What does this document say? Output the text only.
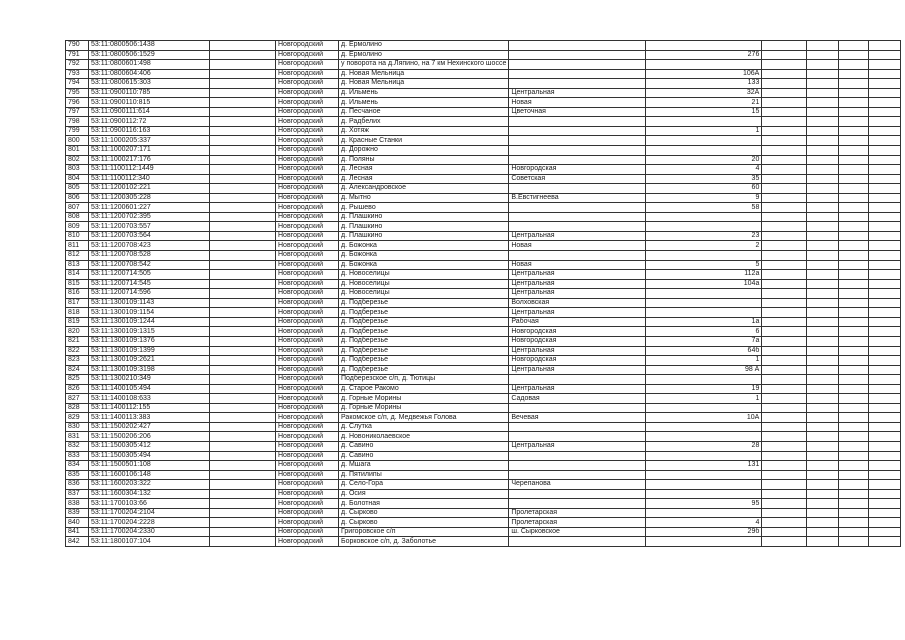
790	53:11:0800506:1438		Новгородский	д. Ермолино						
791	53:11:0800506:1529		Новгородский	д. Ермолино		276				
792	53:11:0800601:498		Новгородский	у поворота на д.Ляпино, на 7 км Нехинского шоссе						
793	53:11:0800604:406		Новгородский	д. Новая Мельница		106А				
794	53:11:0800615:303		Новгородский	д. Новая Мельница		133				
795	53:11:0900110:785		Новгородский	д. Ильмень	Центральная	32А				
796	53:11:0900110:815		Новгородский	д. Ильмень	Новая	21				
797	53:11:0900111:614		Новгородский	д. Песчаное	Цветочная	15				
798	53:11:0900112:72		Новгородский	д. Радбелих						
799	53:11:0900116:163		Новгородский	д. Хотяж		1				
800	53:11:1000205:337		Новгородский	д. Красные Станки						
801	53:11:1000207:171		Новгородский	д. Дорожно						
802	53:11:1000217:176		Новгородский	д. Поляны		20				
803	53:11:1100112:1449		Новгородский	д. Лесная	Новгородская	4				
804	53:11:1100112:340		Новгородский	д. Лесная	Советская	35				
805	53:11:1200102:221		Новгородский	д. Александровское		60				
806	53:11:1200305:228		Новгородский	д. Мытно	В.Евстигнеева	9				
807	53:11:1200601:227		Новгородский	д. Рышево		58				
808	53:11:1200702:395		Новгородский	д. Плашкино						
809	53:11:1200703:557		Новгородский	д. Плашкино						
810	53:11:1200703:564		Новгородский	д. Плашкино	Центральная	23				
811	53:11:1200708:423		Новгородский	д. Божонка	Новая	2				
812	53:11:1200708:528		Новгородский	д. Божонка						
813	53:11:1200708:542		Новгородский	д. Божонка	Новая	5				
814	53:11:1200714:505		Новгородский	д. Новоселицы	Центральная	112а				
815	53:11:1200714:545		Новгородский	д. Новоселицы	Центральная	104а				
816	53:11:1200714:596		Новгородский	д. Новоселицы	Центральная					
817	53:11:1300109:1143		Новгородский	д. Подберезье	Волховская					
818	53:11:1300109:1154		Новгородский	д. Подберезье	Центральная					
819	53:11:1300109:1244		Новгородский	д. Подберезье	Рабочая	1а				
820	53:11:1300109:1315		Новгородский	д. Подберезье	Новгородская	6				
821	53:11:1300109:1376		Новгородский	д. Подберезье	Новгородская	7а				
822	53:11:1300109:1399		Новгородский	д. Подберезье	Центральная	64б				
823	53:11:1300109:2621		Новгородский	д. Подберезье	Новгородская	1				
824	53:11:1300109:3198		Новгородский	д. Подберезье	Центральная	98 А				
825	53:11:1300210:349		Новгородский	Подберезское с/п, д. Тютицы						
826	53:11:1400105:494		Новгородский	д. Старое Ракомо	Центральная	19				
827	53:11:1400108:633		Новгородский	д. Горные Морины	Садовая	1				
828	53:11:1400112:155		Новгородский	д. Горные Морины						
829	53:11:1400113:383		Новгородский	Ракомское с/п, д. Медвежья Голова	Вечевая	10А				
830	53:11:1500202:427		Новгородский	д. Слутка						
831	53:11:1500206:206		Новгородский	д. Новониколаевское						
832	53:11:1500305:412		Новгородский	д. Савино	Центральная	28				
833	53:11:1500305:494		Новгородский	д. Савино						
834	53:11:1500501:108		Новгородский	д. Мшага		131				
835	53:11:1600106:148		Новгородский	д. Пятилипы						
836	53:11:1600203:322		Новгородский	д. Село-Гора	Черепанова					
837	53:11:1600304:132		Новгородский	д. Осия						
838	53:11:1700103:66		Новгородский	д. Болотная		95				
839	53:11:1700204:2104		Новгородский	д. Сырково	Пролетарская					
840	53:11:1700204:2228		Новгородский	д. Сырково	Пролетарская	4				
841	53:11:1700204:2330		Новгородский	Григоровское с/п	ш. Сырковское	29б				
842	53:11:1800107:104		Новгородский	Борковское с/п, д. Заболотье						
